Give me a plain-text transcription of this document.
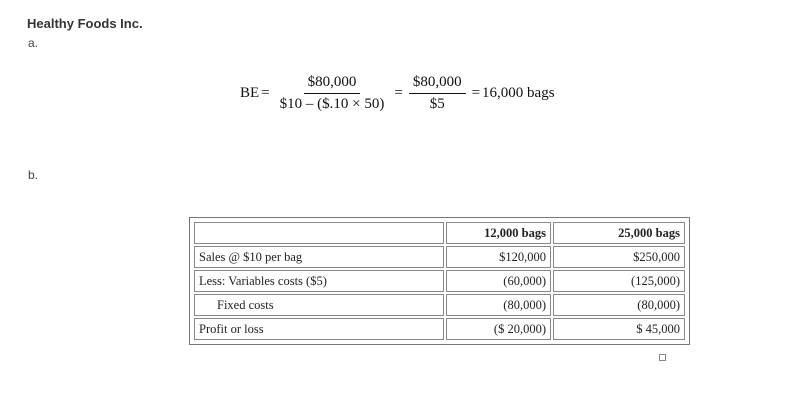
Healthy Foods Inc.
a.
BE = $\frac{\$80,000}{\$10 - (\$.10 \times 50)} = \frac{\$80,000}{\$5} = 16,000$ bags
b.
	12,000 bags	25,000 bags
Sales @ $10 per bag	$120,000	$250,000
Less: Variables costs ($5)	(60,000)	(125,000)
Fixed costs	(80,000)	(80,000)
Profit or loss	($ 20,000)	$ 45,000
